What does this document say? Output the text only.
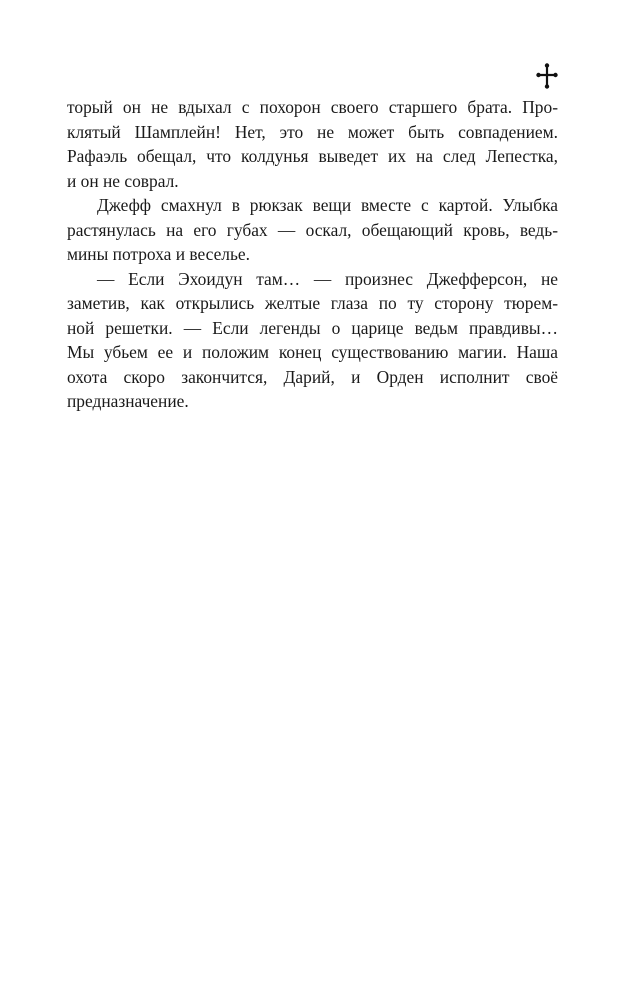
торый он не вдыхал с похорон своего старшего брата. Про-
клятый Шамплейн! Нет, это не может быть совпадением.
Рафаэль обещал, что колдунья выведет их на след Лепестка,
и он не соврал.
Джефф смахнул в рюкзак вещи вместе с картой. Улыбка
растянулась на его губах — оскал, обещающий кровь, ведь-
мины потроха и веселье.
— Если Эхоидун там… — произнес Джефферсон, не
заметив, как открылись желтые глаза по ту сторону тюрем-
ной решетки. — Если легенды о царице ведьм правдивы…
Мы убьем ее и положим конец существованию магии. Наша
охота скоро закончится, Дарий, и Орден исполнит своё
предназначение.
